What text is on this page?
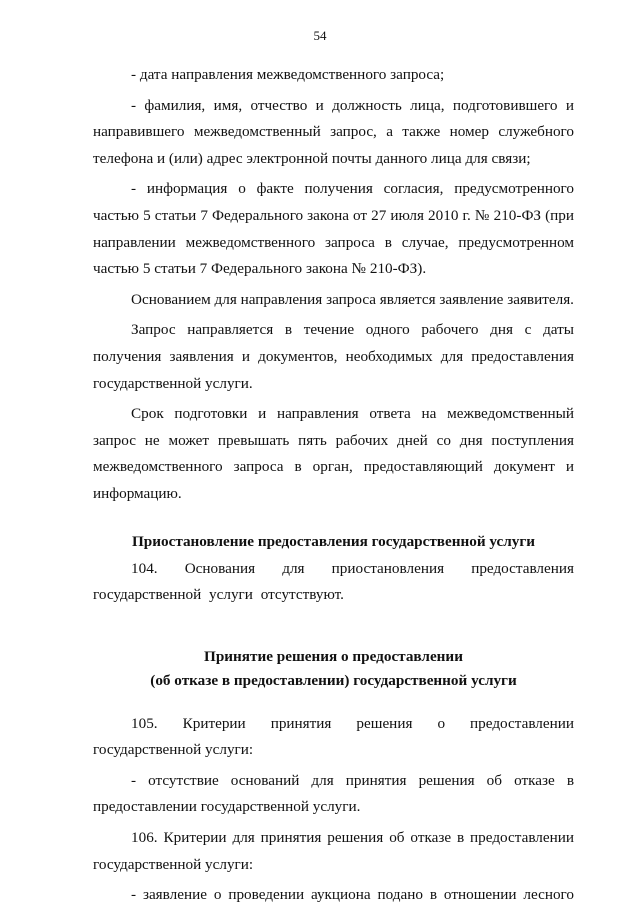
54

- дата направления межведомственного запроса;

- фамилия, имя, отчество и должность лица, подготовившего и направившего межведомственный запрос, а также номер служебного телефона и (или) адрес электронной почты данного лица для связи;

- информация о факте получения согласия, предусмотренного частью 5 статьи 7 Федерального закона от 27 июля 2010 г. № 210-ФЗ (при направлении межведомственного запроса в случае, предусмотренном частью 5 статьи 7 Федерального закона № 210-ФЗ).

Основанием для направления запроса является заявление заявителя.

Запрос направляется в течение одного рабочего дня с даты получения заявления и документов, необходимых для предоставления государственной услуги.

Срок подготовки и направления ответа на межведомственный запрос не может превышать пять рабочих дней со дня поступления межведомственного запроса в орган, предоставляющий документ и информацию.

Приостановление предоставления государственной услуги

104. Основания для приостановления предоставления государственной услуги отсутствуют.

Принятие решения о предоставлении

(об отказе в предоставлении) государственной услуги

105. Критерии принятия решения о предоставлении государственной услуги:

- отсутствие оснований для принятия решения об отказе в предоставлении государственной услуги.

106. Критерии для принятия решения об отказе в предоставлении государственной услуги:

- заявление о проведении аукциона подано в отношении лесного
